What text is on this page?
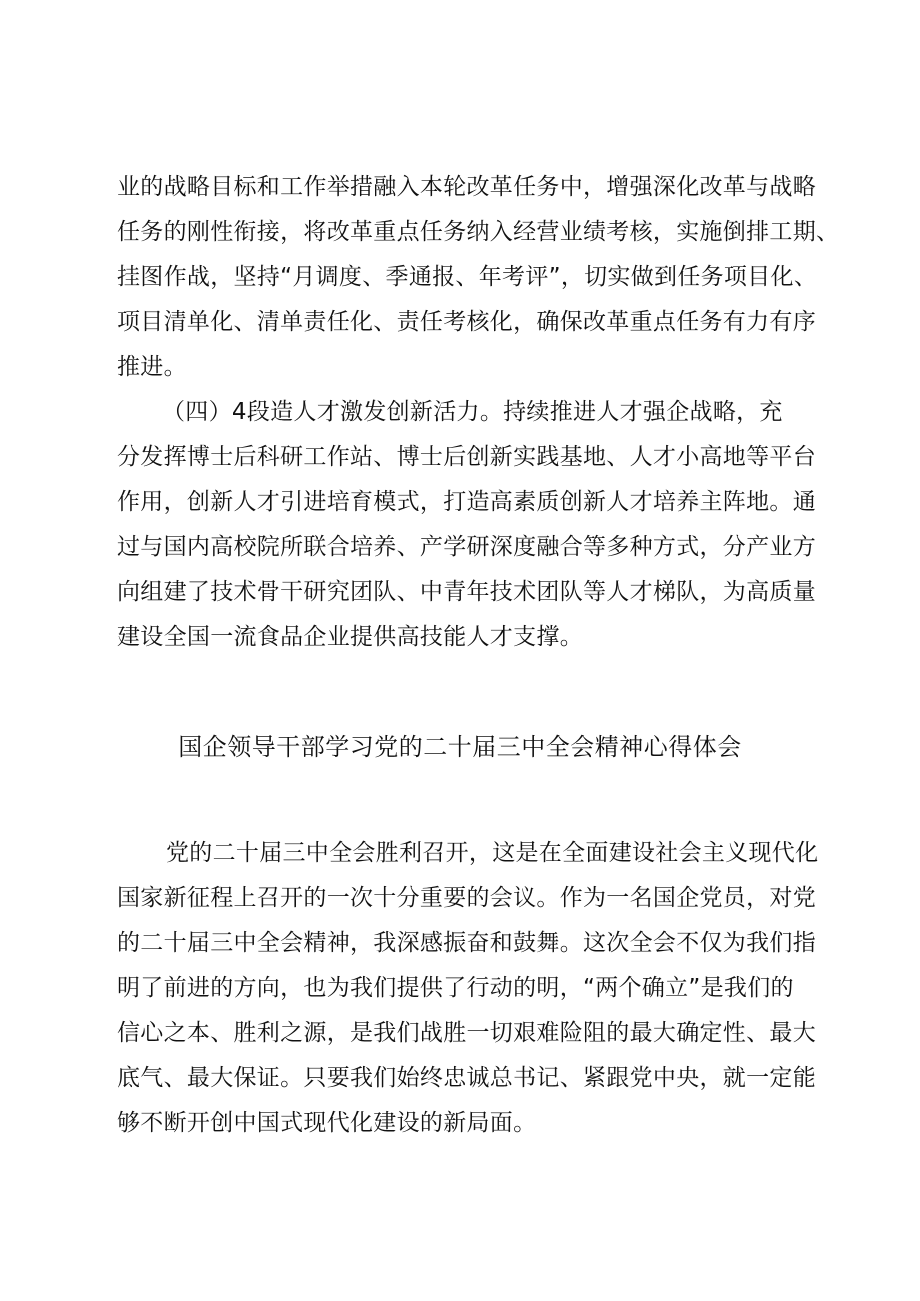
业的战略目标和工作举措融入本轮改革任务中，增强深化改革与战略
任务的刚性衔接，将改革重点任务纳入经营业绩考核，实施倒排工期、
挂图作战，坚持“月调度、季通报、年考评”，切实做到任务项目化、
项目清单化、清单责任化、责任考核化，确保改革重点任务有力有序
推进。
（四）4段造人才激发创新活力。持续推进人才强企战略，充
分发挥博士后科研工作站、博士后创新实践基地、人才小高地等平台
作用，创新人才引进培育模式，打造高素质创新人才培养主阵地。通
过与国内高校院所联合培养、产学研深度融合等多种方式，分产业方
向组建了技术骨干研究团队、中青年技术团队等人才梯队，为高质量
建设全国一流食品企业提供高技能人才支撑。
国企领导干部学习党的二十届三中全会精神心得体会
党的二十届三中全会胜利召开，这是在全面建设社会主义现代化
国家新征程上召开的一次十分重要的会议。作为一名国企党员，对党
的二十届三中全会精神，我深感振奋和鼓舞。这次全会不仅为我们指
明了前进的方向，也为我们提供了行动的明，“两个确立”是我们的
信心之本、胜利之源，是我们战胜一切艰难险阻的最大确定性、最大
底气、最大保证。只要我们始终忠诚总书记、紧跟党中央，就一定能
够不断开创中国式现代化建设的新局面。
